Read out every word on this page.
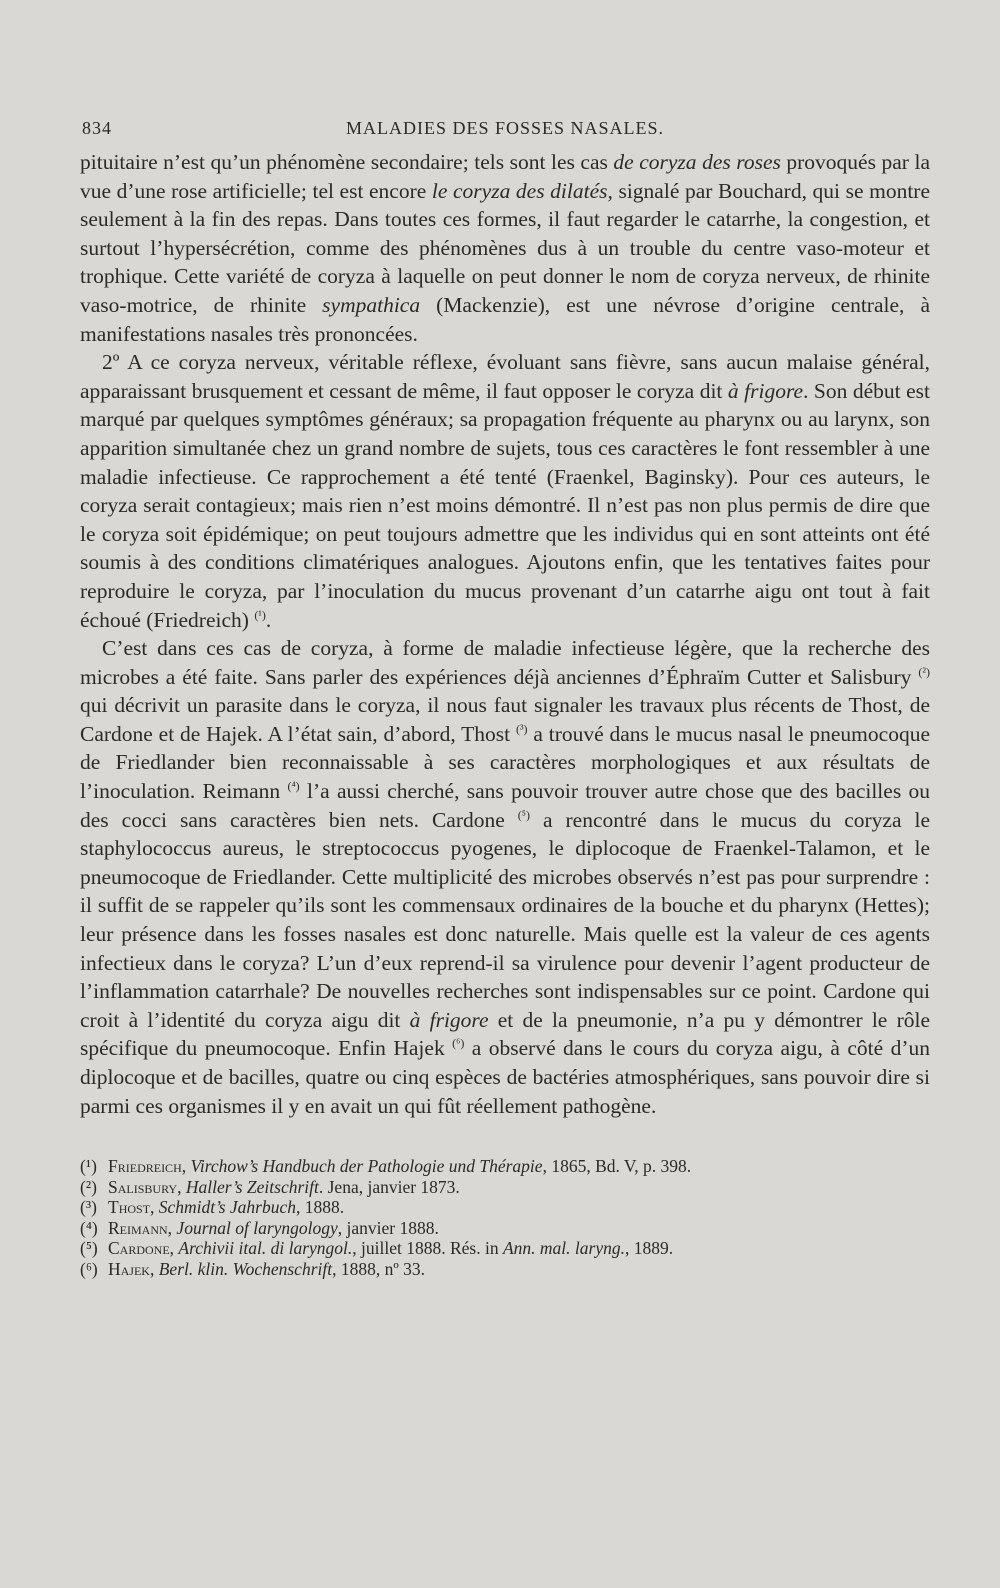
834	MALADIES DES FOSSES NASALES.

pituitaire n’est qu’un phénomène secondaire; tels sont les cas de coryza des roses provoqués par la vue d’une rose artificielle; tel est encore le coryza des dilatés, signalé par Bouchard, qui se montre seulement à la fin des repas. Dans toutes ces formes, il faut regarder le catarrhe, la congestion, et surtout l’hypersécrétion, comme des phénomènes dus à un trouble du centre vaso-moteur et trophique. Cette variété de coryza à laquelle on peut donner le nom de coryza nerveux, de rhinite vaso-motrice, de rhinite sympathica (Mackenzie), est une névrose d’origine centrale, à manifestations nasales très prononcées.

2º A ce coryza nerveux, véritable réflexe, évoluant sans fièvre, sans aucun malaise général, apparaissant brusquement et cessant de même, il faut opposer le coryza dit à frigore. Son début est marqué par quelques symptômes généraux; sa propagation fréquente au pharynx ou au larynx, son apparition simultanée chez un grand nombre de sujets, tous ces caractères le font ressembler à une maladie infectieuse. Ce rapprochement a été tenté (Fraenkel, Baginsky). Pour ces auteurs, le coryza serait contagieux; mais rien n’est moins démontré. Il n’est pas non plus permis de dire que le coryza soit épidémique; on peut toujours admettre que les individus qui en sont atteints ont été soumis à des conditions climatériques analogues. Ajoutons enfin, que les tentatives faites pour reproduire le coryza, par l’inoculation du mucus provenant d’un catarrhe aigu ont tout à fait échoué (Friedreich) $^{(^1)}$.

C’est dans ces cas de coryza, à forme de maladie infectieuse légère, que la recherche des microbes a été faite. Sans parler des expériences déjà anciennes d’Éphraïm Cutter et Salisbury $^{(^2)}$ qui décrivit un parasite dans le coryza, il nous faut signaler les travaux plus récents de Thost, de Cardone et de Hajek. A l’état sain, d’abord, Thost $^{(^3)}$ a trouvé dans le mucus nasal le pneumocoque de Friedlander bien reconnaissable à ses caractères morphologiques et aux résultats de l’inoculation. Reimann $^{(^4)}$ l’a aussi cherché, sans pouvoir trouver autre chose que des bacilles ou des cocci sans caractères bien nets. Cardone $^{(^5)}$ a rencontré dans le mucus du coryza le staphylococcus aureus, le streptococcus pyogenes, le diplocoque de Fraenkel-Talamon, et le pneumocoque de Friedlander. Cette multiplicité des microbes observés n’est pas pour surprendre : il suffit de se rappeler qu’ils sont les commensaux ordinaires de la bouche et du pharynx (Hettes); leur présence dans les fosses nasales est donc naturelle. Mais quelle est la valeur de ces agents infectieux dans le coryza? L’un d’eux reprend-il sa virulence pour devenir l’agent producteur de l’inflammation catarrhale? De nouvelles recherches sont indispensables sur ce point. Cardone qui croit à l’identité du coryza aigu dit à frigore et de la pneumonie, n’a pu y démontrer le rôle spécifique du pneumocoque. Enfin Hajek $^{(^6)}$ a observé dans le cours du coryza aigu, à côté d’un diplocoque et de bacilles, quatre ou cinq espèces de bactéries atmosphériques, sans pouvoir dire si parmi ces organismes il y en avait un qui fût réellement pathogène.

(¹) Friedreich, Virchow’s Handbuch der Pathologie und Thérapie, 1865, Bd. V, p. 398.
(²) Salisbury, Haller’s Zeitschrift. Jena, janvier 1873.
(³) Thost, Schmidt’s Jahrbuch, 1888.
(⁴) Reimann, Journal of laryngology, janvier 1888.
(⁵) Cardone, Archivii ital. di laryngol., juillet 1888. Rés. in Ann. mal. laryng., 1889.
(⁶) Hajek, Berl. klin. Wochenschrift, 1888, nº 33.
